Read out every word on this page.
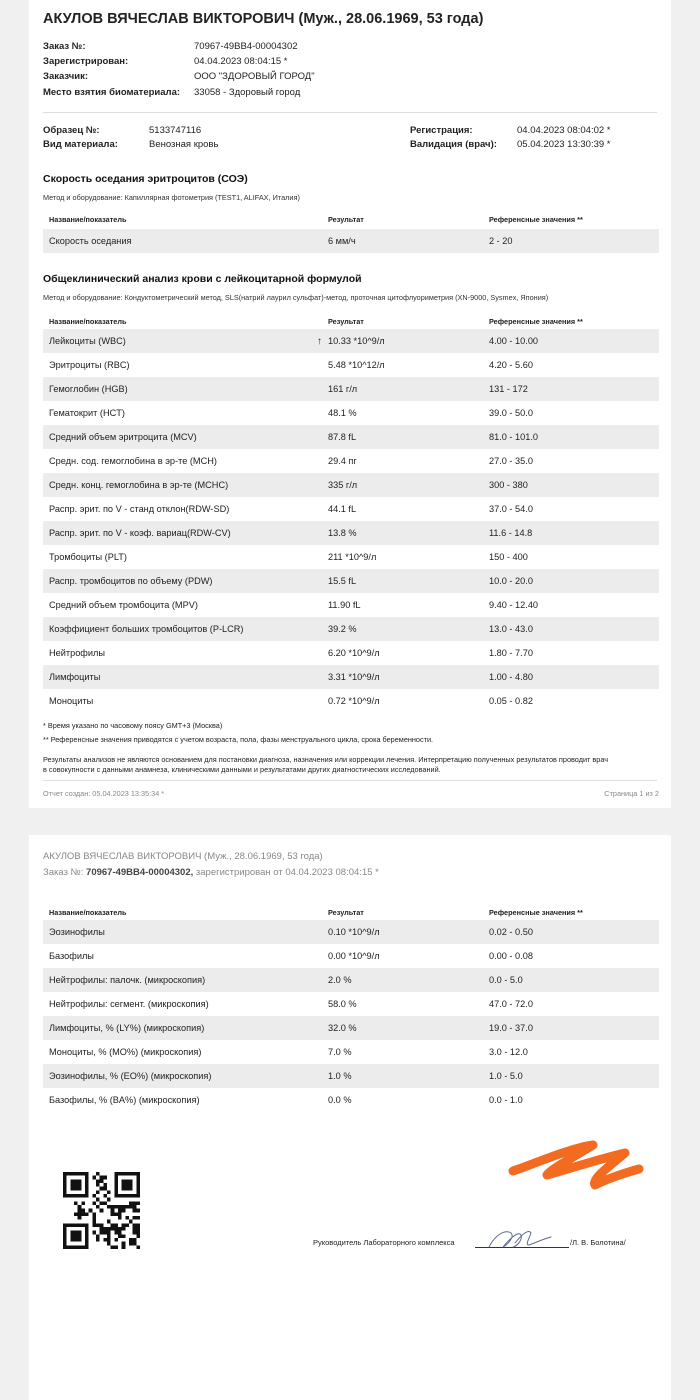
АКУЛОВ ВЯЧЕСЛАВ ВИКТОРОВИЧ (Муж., 28.06.1969, 53 года)
Заказ №:	70967-49BB4-00004302
Зарегистрирован:	04.04.2023 08:04:15 *
Заказчик:	ООО "ЗДОРОВЫЙ ГОРОД"
Место взятия биоматериала: 33058 - Здоровый город
Образец №:	5133747116
Вид материала:	Венозная кровь
Регистрация:	04.04.2023 08:04:02 *
Валидация (врач): 05.04.2023 13:30:39 *
Скорость оседания эритроцитов (СОЭ)
Метод и оборудование: Капиллярная фотометрия (TEST1, ALIFAX, Италия)
Название/показатель	Результат	Референсные значения **
Скорость оседания	6 мм/ч	2 - 20
Общеклинический анализ крови с лейкоцитарной формулой
Метод и оборудование: Кондуктометрический метод, SLS(натрий лаурил сульфат)-метод, проточная цитофлуориметрия (XN-9000, Sysmex, Япония)
Название/показатель	Результат	Референсные значения **
Лейкоциты (WBC)	↑ 10.33 *10^9/л	4.00 - 10.00
Эритроциты (RBC)	5.48 *10^12/л	4.20 - 5.60
Гемоглобин (HGB)	161 г/л	131 - 172
Гематокрит (HCT)	48.1 %	39.0 - 50.0
Средний объем эритроцита (MCV)	87.8 fL	81.0 - 101.0
Средн. сод. гемоглобина в эр-те (MCH)	29.4 пг	27.0 - 35.0
Средн. конц. гемоглобина в эр-те (MCHC)	335 г/л	300 - 380
Распр. эрит. по V - станд отклон(RDW-SD)	44.1 fL	37.0 - 54.0
Распр. эрит. по V - коэф. вариац(RDW-CV)	13.8 %	11.6 - 14.8
Тромбоциты (PLT)	211 *10^9/л	150 - 400
Распр. тромбоцитов по объему (PDW)	15.5 fL	10.0 - 20.0
Средний объем тромбоцита (MPV)	11.90 fL	9.40 - 12.40
Коэффициент больших тромбоцитов (P-LCR)	39.2 %	13.0 - 43.0
Нейтрофилы	6.20 *10^9/л	1.80 - 7.70
Лимфоциты	3.31 *10^9/л	1.00 - 4.80
Моноциты	0.72 *10^9/л	0.05 - 0.82
* Время указано по часовому поясу GMT+3 (Москва)
** Референсные значения приводятся с учетом возраста, пола, фазы менструального цикла, срока беременности.
Результаты анализов не являются основанием для постановки диагноза, назначения или коррекции лечения. Интерпретацию полученных результатов проводит врач
в совокупности с данными анамнеза, клиническими данными и результатами других диагностических исследований.
Отчет создан: 05.04.2023 13:35:34 *	Страница 1 из 2
АКУЛОВ ВЯЧЕСЛАВ ВИКТОРОВИЧ (Муж., 28.06.1969, 53 года)
Заказ №: 70967-49BB4-00004302, зарегистрирован от 04.04.2023 08:04:15 *
Название/показатель	Результат	Референсные значения **
Эозинофилы	0.10 *10^9/л	0.02 - 0.50
Базофилы	0.00 *10^9/л	0.00 - 0.08
Нейтрофилы: палочк. (микроскопия)	2.0 %	0.0 - 5.0
Нейтрофилы: сегмент. (микроскопия)	58.0 %	47.0 - 72.0
Лимфоциты, % (LY%) (микроскопия)	32.0 %	19.0 - 37.0
Моноциты, % (MO%) (микроскопия)	7.0 %	3.0 - 12.0
Эозинофилы, % (EO%) (микроскопия)	1.0 %	1.0 - 5.0
Базофилы, % (BA%) (микроскопия)	0.0 %	0.0 - 1.0
Руководитель Лабораторного комплекса	/Л. В. Болотина/
